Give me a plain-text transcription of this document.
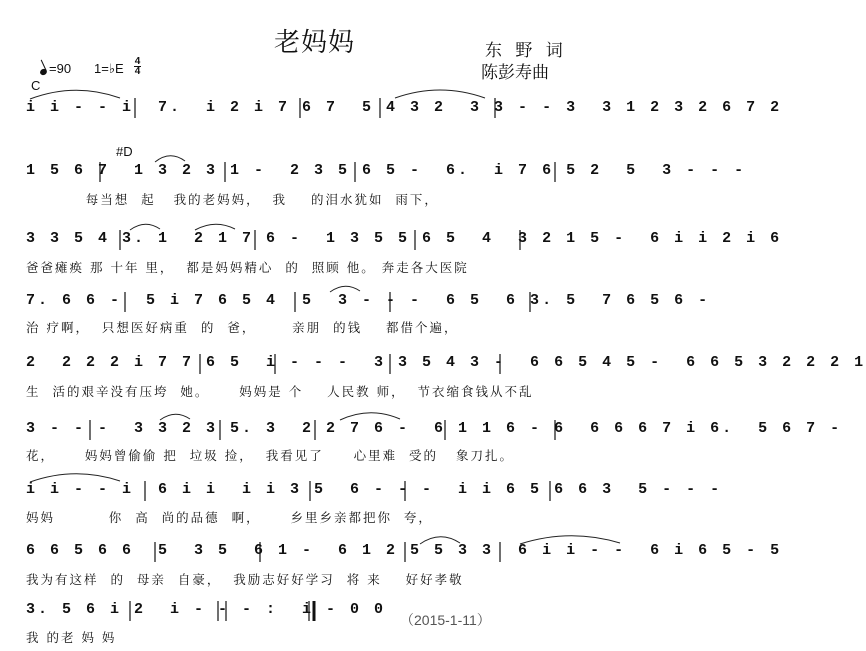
老妈妈	东 野 词
陈彭寿曲
C
=90 1=♭E 4
4
i i - - i  7.  i 2 i 7 6 7  5 4 3 2  3 3 - - 3  3 1 2 3 2 6 7 2
#D
1 5 6 7  1 3 2 3 1 -  2 3 5 6 5 -  6.  i 7 6 5 2  5  3 - - -
每当想  起   我的老妈妈，  我    的泪水犹如  雨下，
3 3 5 4 3. 1  2 1 7 6 -  1 3 5 5 6 5  4  3 2 1 5 -  6 i i 2 i 6
爸爸瘫痪 那 十年 里，  都是妈妈精心  的  照顾 他。 奔走各大医院
7. 6 6 -  5 i 7 6 5 4  5  3 - - -  6 5  6 3. 5  7 6 5 6 -
治 疗啊，  只想医好病重  的  爸，      亲朋  的钱    都借个遍，
2  2 2 2 i 7 7 6 5  i - - -  3 3 5 4 3 -  6 6 5 4 5 -  6 6 5 3 2 2 2 1
生  活的艰辛没有压垮  她。     妈妈是 个    人民教 师，  节衣缩食钱从不乱
3 - - -  3 3 2 3 5. 3  2 2 7 6 -  6 1 1 6 - 6  6 6 6 7 i 6.  5 6 7 -
花，     妈妈曾偷偷 把  垃圾 捡，  我看见了     心里难  受的   象刀扎。
i i - - i  6 i i  i i 3 5  6 - - -  i i 6 5 6 6 3  5 - - -
妈妈         你  高  尚的品德  啊，     乡里乡亲都把你  夸，
6 6 5 6 6  5  3 5  6 1 -  6 1 2 5 5 3 3  6 i i - -  6 i 6 5 - 5
我为有这样  的  母亲  自豪，  我励志好好学习  将 来    好好孝敬
3. 5 6 i 2  i - - - :  i - 0 0
我 的老 妈 妈
（2015-1-11）
